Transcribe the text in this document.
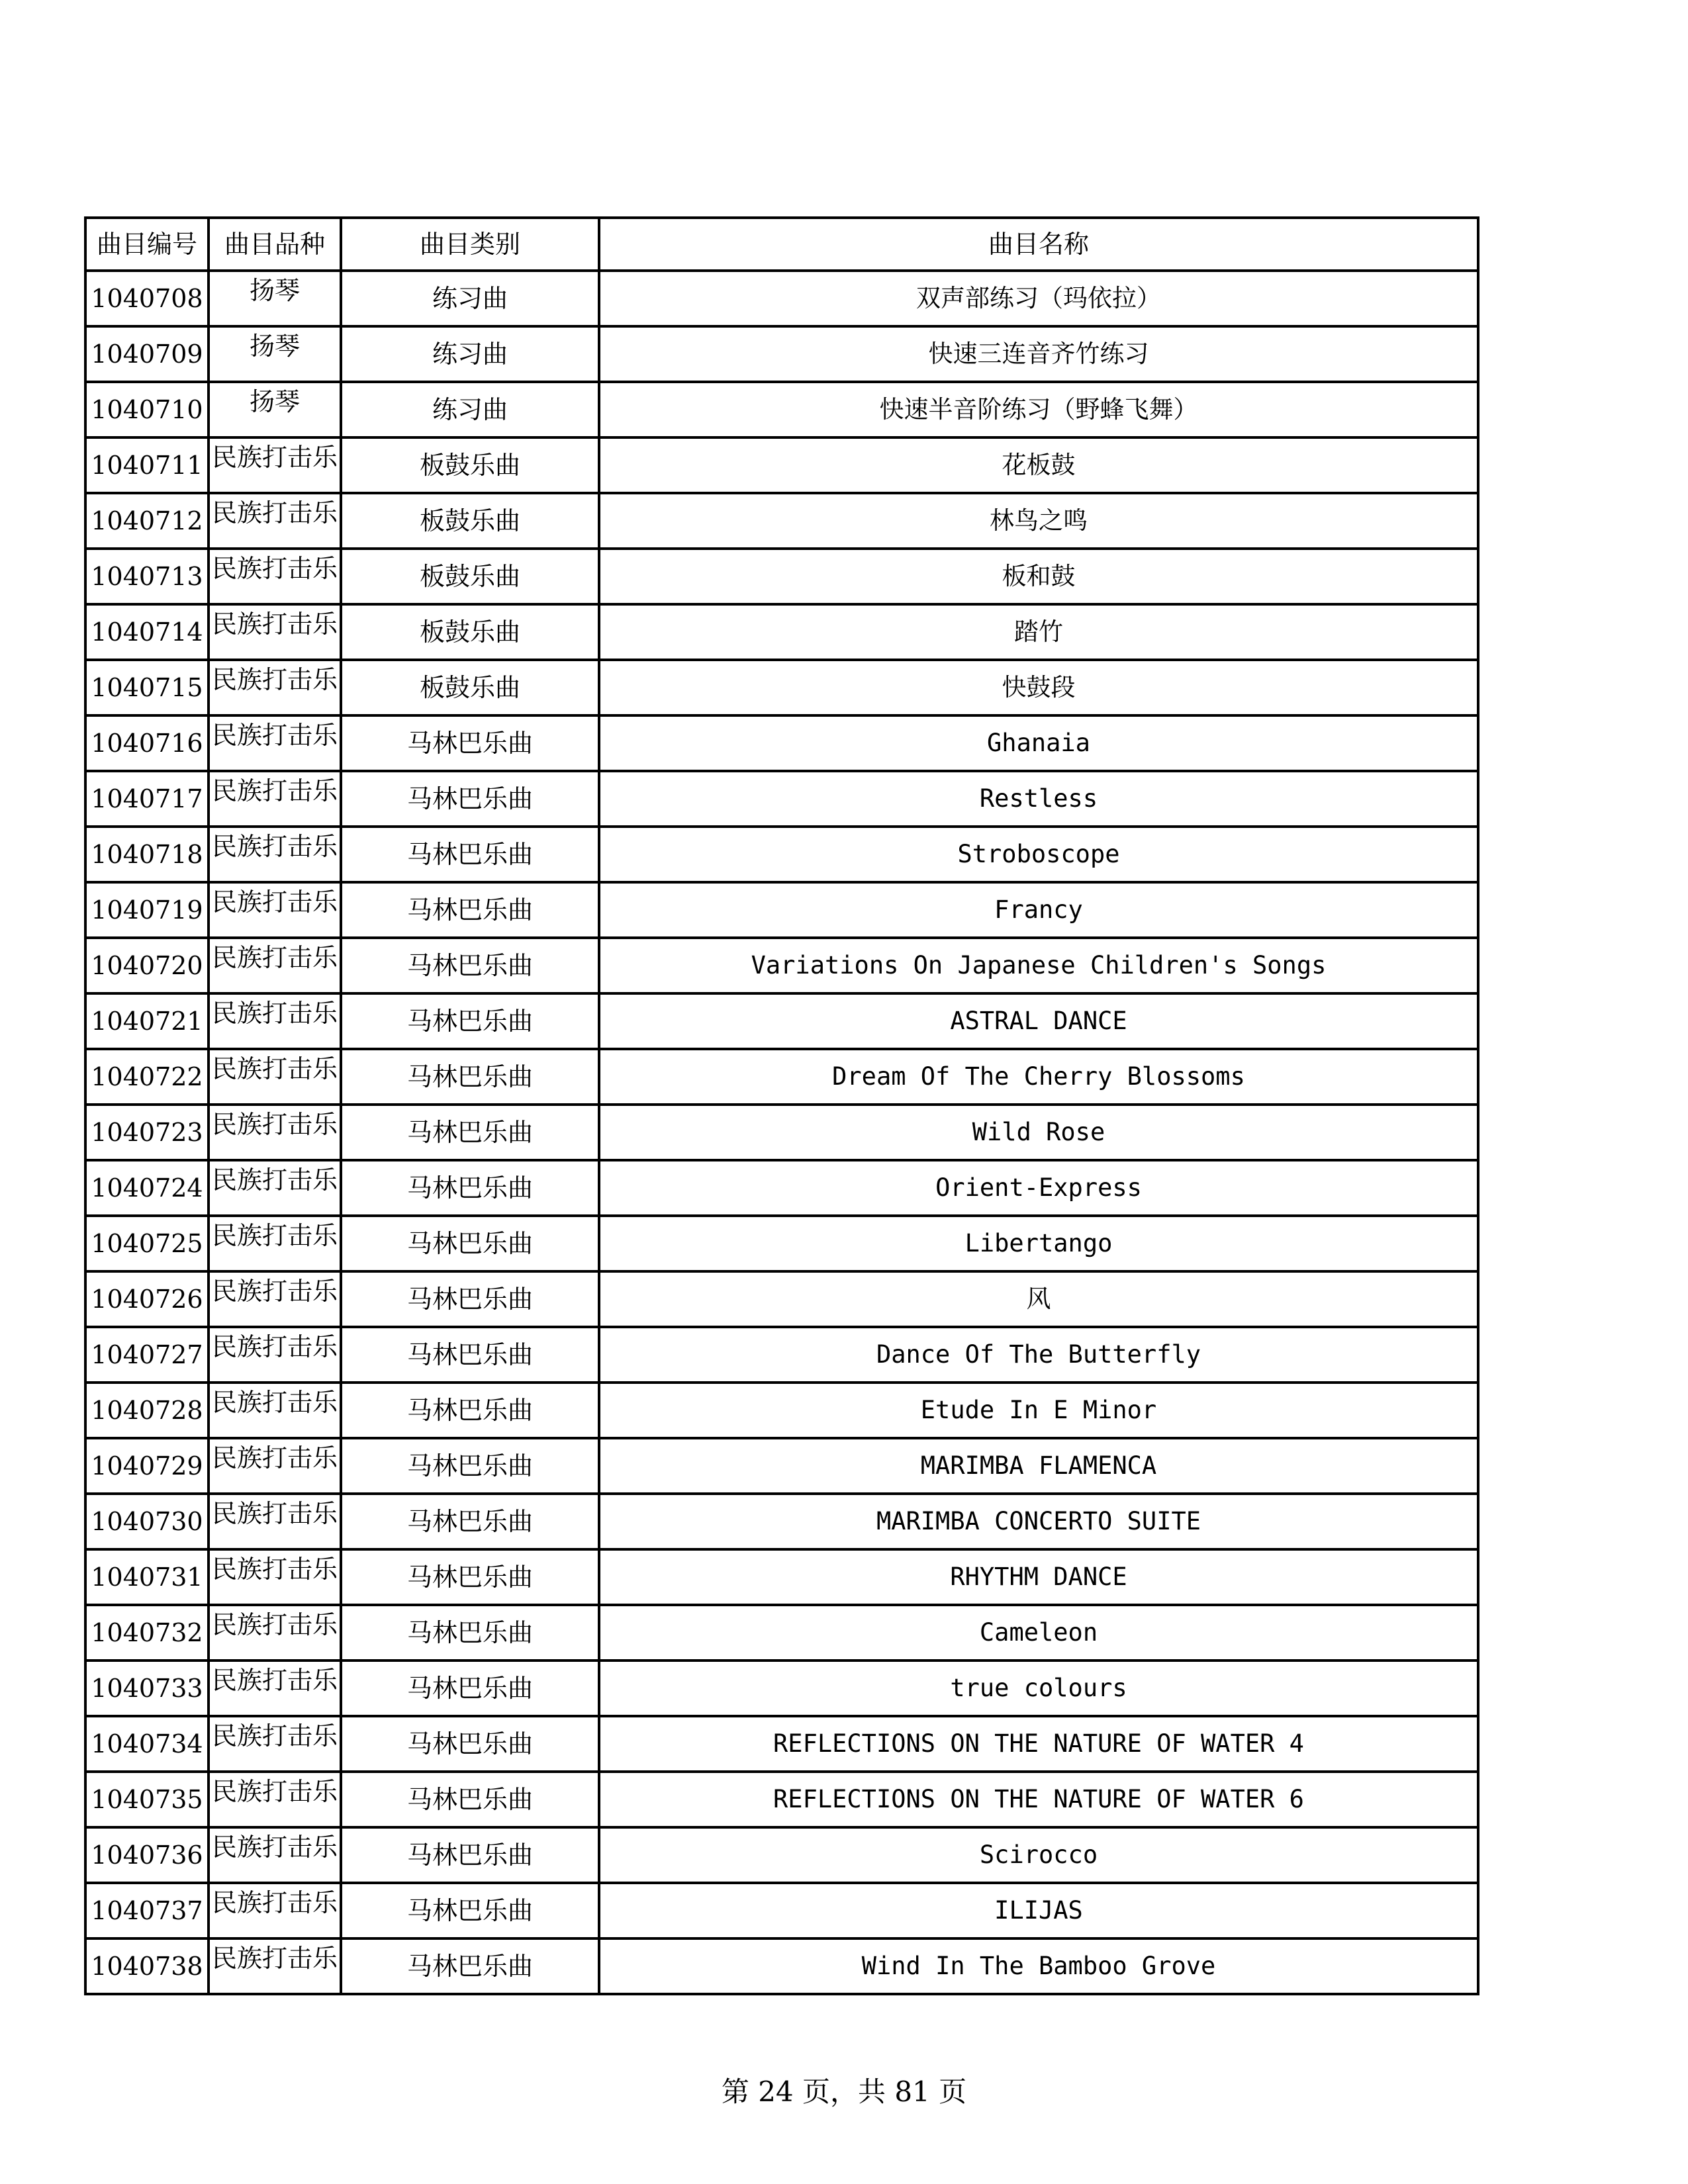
曲目编号	曲目品种	曲目类别	曲目名称
1040708	扬琴	练习曲	双声部练习（玛依拉）
1040709	扬琴	练习曲	快速三连音齐竹练习
1040710	扬琴	练习曲	快速半音阶练习（野蜂飞舞）
1040711	民族打击乐	板鼓乐曲	花板鼓
1040712	民族打击乐	板鼓乐曲	林鸟之鸣
1040713	民族打击乐	板鼓乐曲	板和鼓
1040714	民族打击乐	板鼓乐曲	踏竹
1040715	民族打击乐	板鼓乐曲	快鼓段
1040716	民族打击乐	马林巴乐曲	Ghanaia
1040717	民族打击乐	马林巴乐曲	Restless
1040718	民族打击乐	马林巴乐曲	Stroboscope
1040719	民族打击乐	马林巴乐曲	Francy
1040720	民族打击乐	马林巴乐曲	Variations On Japanese Children's Songs
1040721	民族打击乐	马林巴乐曲	ASTRAL DANCE
1040722	民族打击乐	马林巴乐曲	Dream Of The Cherry Blossoms
1040723	民族打击乐	马林巴乐曲	Wild Rose
1040724	民族打击乐	马林巴乐曲	Orient-Express
1040725	民族打击乐	马林巴乐曲	Libertango
1040726	民族打击乐	马林巴乐曲	风
1040727	民族打击乐	马林巴乐曲	Dance Of The Butterfly
1040728	民族打击乐	马林巴乐曲	Etude In E Minor
1040729	民族打击乐	马林巴乐曲	MARIMBA FLAMENCA
1040730	民族打击乐	马林巴乐曲	MARIMBA CONCERTO SUITE
1040731	民族打击乐	马林巴乐曲	RHYTHM DANCE
1040732	民族打击乐	马林巴乐曲	Cameleon
1040733	民族打击乐	马林巴乐曲	true colours
1040734	民族打击乐	马林巴乐曲	REFLECTIONS ON THE NATURE OF WATER 4
1040735	民族打击乐	马林巴乐曲	REFLECTIONS ON THE NATURE OF WATER 6
1040736	民族打击乐	马林巴乐曲	Scirocco
1040737	民族打击乐	马林巴乐曲	ILIJAS
1040738	民族打击乐	马林巴乐曲	Wind In The Bamboo Grove
第 24 页，共 81 页
